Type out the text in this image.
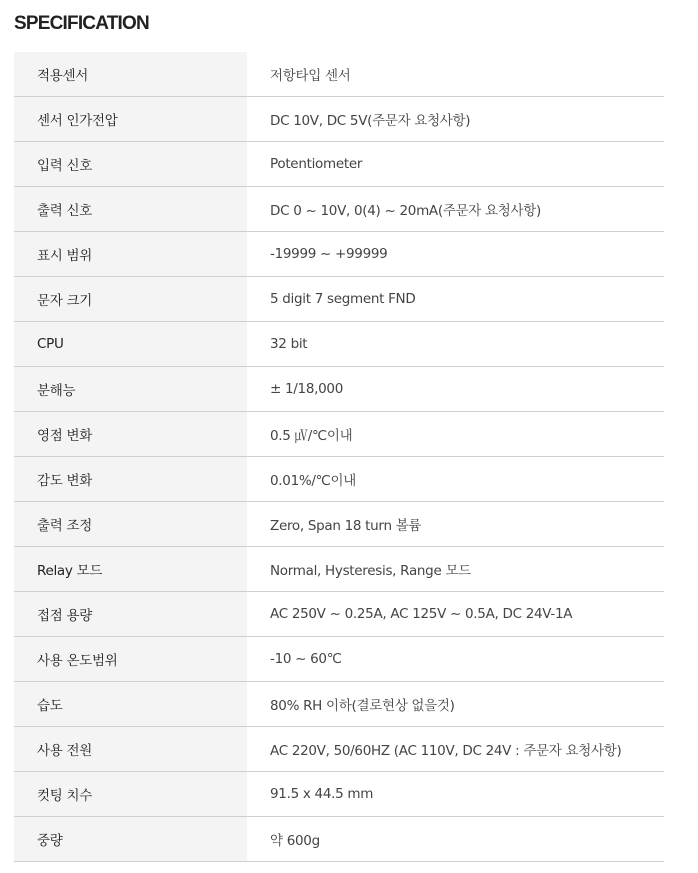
SPECIFICATION
적용센서	저항타입 센서
센서 인가전압	DC 10V, DC 5V(주문자 요청사항)
입력 신호	Potentiometer
출력 신호	DC 0 ~ 10V, 0(4) ~ 20mA(주문자 요청사항)
표시 범위	-19999 ~ +99999
문자 크기	5 digit 7 segment FND
CPU	32 bit
분해능	± 1/18,000
영점 변화	0.5 ㎶/℃이내
감도 변화	0.01%/℃이내
출력 조정	Zero, Span 18 turn 볼륨
Relay 모드	Normal, Hysteresis, Range 모드
접점 용량	AC 250V ~ 0.25A, AC 125V ~ 0.5A, DC 24V-1A
사용 온도범위	-10 ~ 60℃
습도	80% RH 이하(결로현상 없을것)
사용 전원	AC 220V, 50/60HZ (AC 110V, DC 24V : 주문자 요청사항)
컷팅 치수	91.5 x 44.5 mm
중량	약 600g
